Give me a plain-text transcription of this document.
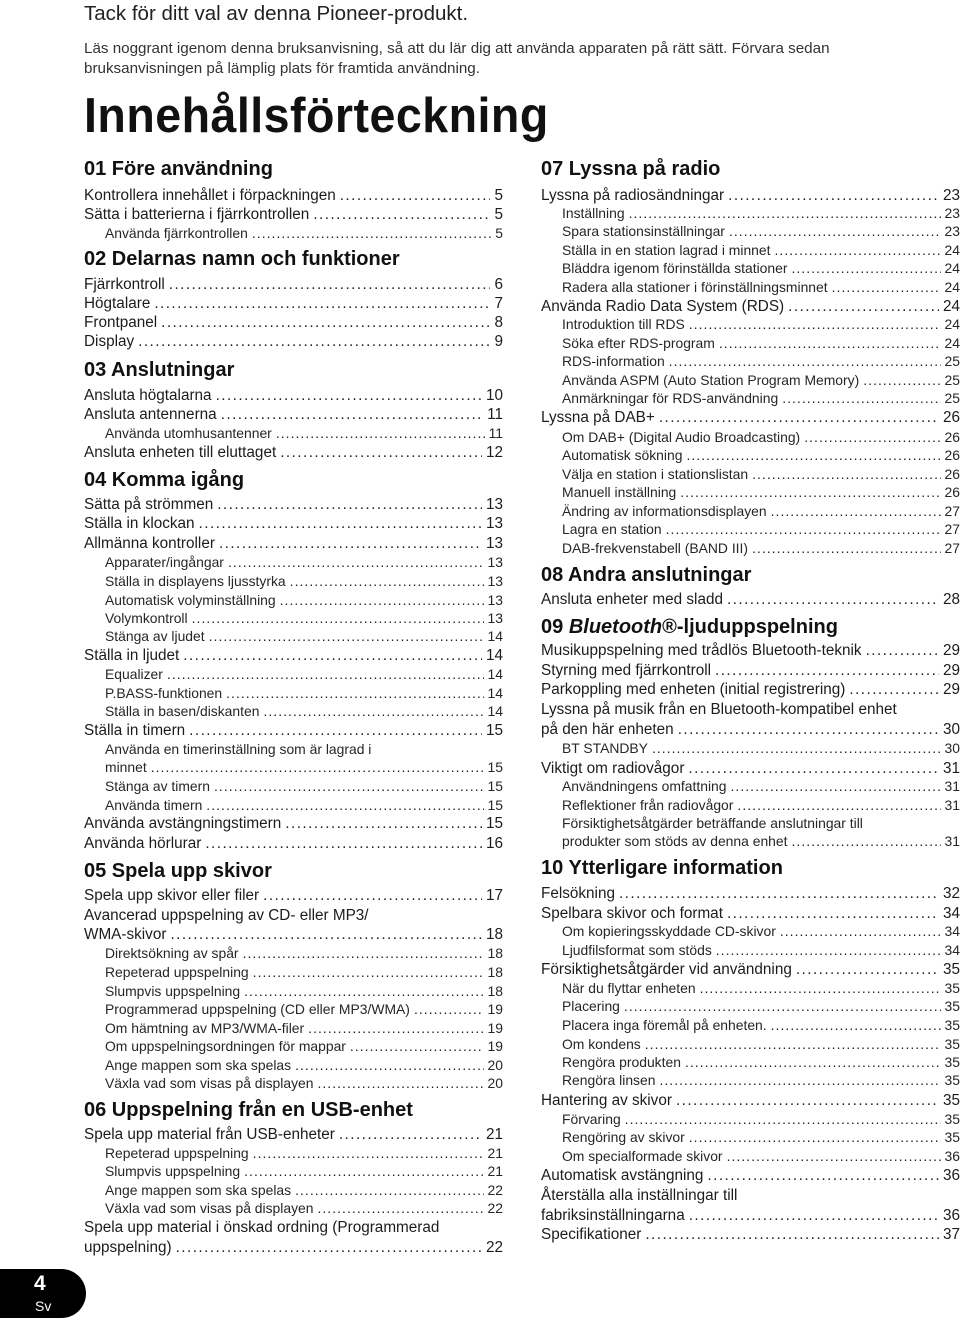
Tack för ditt val av denna Pioneer-produkt.
Läs noggrant igenom denna bruksanvisning, så att du lär dig att använda apparaten på rätt sätt. Förvara sedan bruksanvisningen på lämplig plats för framtida användning.
Innehållsförteckning
01 Före användning
Kontrollera innehållet i förpackningen . . .	5
Sätta i batterierna i fjärrkontrollen . . .	5
Använda fjärrkontrollen . . .	5
02 Delarnas namn och funktioner
Fjärrkontroll . . .	6
Högtalare . . .	7
Frontpanel . . .	8
Display . . .	9
03 Anslutningar
Ansluta högtalarna . . .	10
Ansluta antennerna . . .	11
Använda utomhusantenner . . .	11
Ansluta enheten till eluttaget . . .	12
04 Komma igång
Sätta på strömmen . . .	13
Ställa in klockan . . .	13
Allmänna kontroller . . .	13
Apparater/ingångar . . .	13
Ställa in displayens ljusstyrka . . .	13
Automatisk volyminställning . . .	13
Volymkontroll . . .	13
Stänga av ljudet . . .	14
Ställa in ljudet . . .	14
Equalizer . . .	14
P.BASS-funktionen . . .	14
Ställa in basen/diskanten . . .	14
Ställa in timern . . .	15
Använda en timerinställning som är lagrad i
minnet . . .	15
Stänga av timern . . .	15
Använda timern . . .	15
Använda avstängningstimern . . .	15
Använda hörlurar . . .	16
05 Spela upp skivor
Spela upp skivor eller filer . . .	17
Avancerad uppspelning av CD- eller MP3/
WMA-skivor . . .	18
Direktsökning av spår . . .	18
Repeterad uppspelning . . .	18
Slumpvis uppspelning . . .	18
Programmerad uppspelning (CD eller MP3/WMA) . . .	19
Om hämtning av MP3/WMA-filer . . .	19
Om uppspelningsordningen för mappar . . .	19
Ange mappen som ska spelas . . .	20
Växla vad som visas på displayen . . .	20
06 Uppspelning från en USB-enhet
Spela upp material från USB-enheter . . .	21
Repeterad uppspelning . . .	21
Slumpvis uppspelning . . .	21
Ange mappen som ska spelas . . .	22
Växla vad som visas på displayen . . .	22
Spela upp material i önskad ordning (Programmerad
uppspelning) . . .	22
07 Lyssna på radio
Lyssna på radiosändningar . . .	23
Inställning . . .	23
Spara stationsinställningar . . .	23
Ställa in en station lagrad i minnet . . .	24
Bläddra igenom förinställda stationer . . .	24
Radera alla stationer i förinställningsminnet . . .	24
Använda Radio Data System (RDS) . . .	24
Introduktion till RDS . . .	24
Söka efter RDS-program . . .	24
RDS-information . . .	25
Använda ASPM (Auto Station Program Memory) . . .	25
Anmärkningar för RDS-användning . . .	25
Lyssna på DAB+ . . .	26
Om DAB+ (Digital Audio Broadcasting) . . .	26
Automatisk sökning . . .	26
Välja en station i stationslistan . . .	26
Manuell inställning . . .	26
Ändring av informationsdisplayen . . .	27
Lagra en station . . .	27
DAB-frekvenstabell (BAND III) . . .	27
08 Andra anslutningar
Ansluta enheter med sladd . . .	28
09 Bluetooth®-ljuduppspelning
Musikuppspelning med trådlös Bluetooth-teknik . . .	29
Styrning med fjärrkontroll . . .	29
Parkoppling med enheten (initial registrering) . . .	29
Lyssna på musik från en Bluetooth-kompatibel enhet
på den här enheten . . .	30
BT STANDBY . . .	30
Viktigt om radiovågor . . .	31
Användningens omfattning . . .	31
Reflektioner från radiovågor . . .	31
Försiktighetsåtgärder beträffande anslutningar till
produkter som stöds av denna enhet . . .	31
10 Ytterligare information
Felsökning . . .	32
Spelbara skivor och format . . .	34
Om kopieringsskyddade CD-skivor . . .	34
Ljudfilsformat som stöds . . .	34
Försiktighetsåtgärder vid användning . . .	35
När du flyttar enheten . . .	35
Placering . . .	35
Placera inga föremål på enheten. . . .	35
Om kondens . . .	35
Rengöra produkten . . .	35
Rengöra linsen . . .	35
Hantering av skivor . . .	35
Förvaring . . .	35
Rengöring av skivor . . .	35
Om specialformade skivor . . .	36
Automatisk avstängning . . .	36
Återställa alla inställningar till
fabriksinställningarna . . .	36
Specifikationer . . .	37
4
Sv
